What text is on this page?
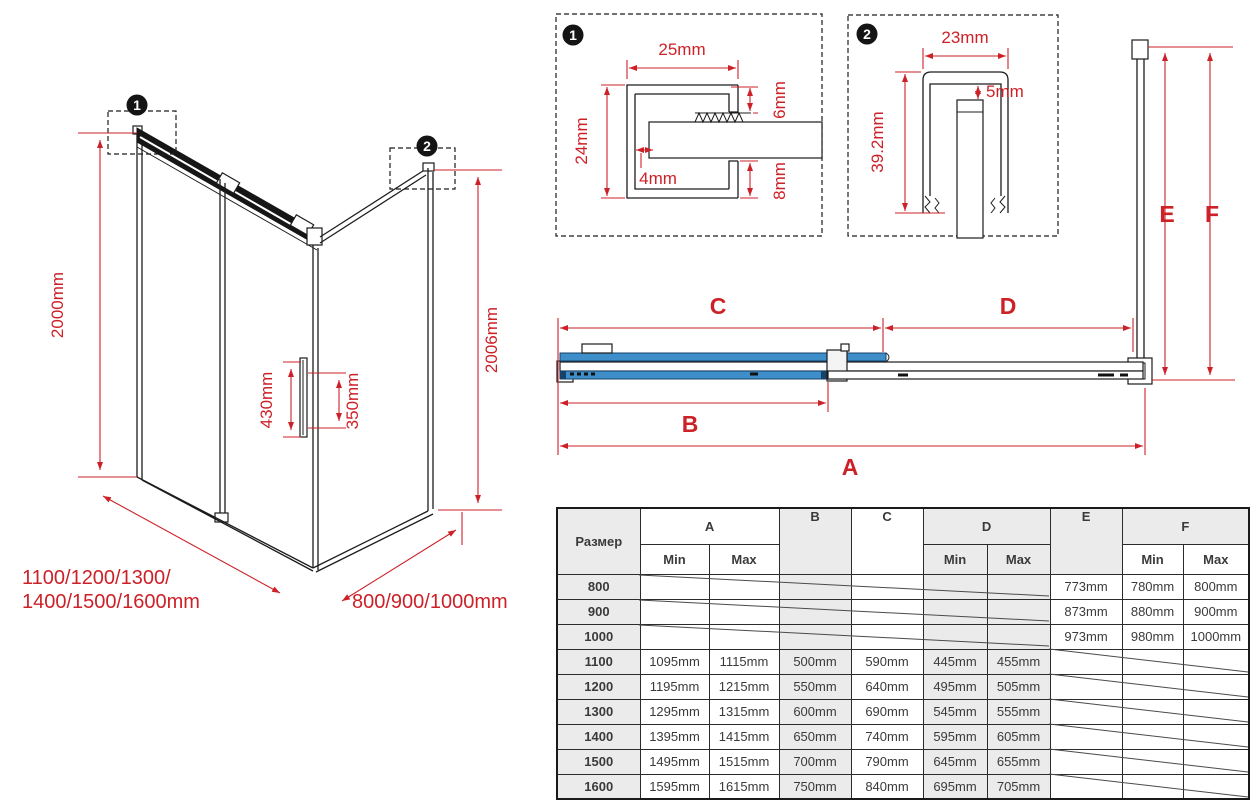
1
2
2000mm
2006mm
430mm	350mm
1100/1200/1300/
1400/1500/1600mm	800/900/1000mm
1
25mm
24mm
4mm
6mm
8mm
2	23mm
5mm
39.2mm
E F
C	D
B
A
Размер	A		B	C	D		E	F	
	Min	Max			Min	Max		Min	Max
800							773mm	780mm	800mm
900							873mm	880mm	900mm
1000							973mm	980mm	1000mm
1100	1095mm	1115mm	500mm	590mm	445mm	455mm			
1200	1195mm	1215mm	550mm	640mm	495mm	505mm			
1300	1295mm	1315mm	600mm	690mm	545mm	555mm			
1400	1395mm	1415mm	650mm	740mm	595mm	605mm			
1500	1495mm	1515mm	700mm	790mm	645mm	655mm			
1600	1595mm	1615mm	750mm	840mm	695mm	705mm			
